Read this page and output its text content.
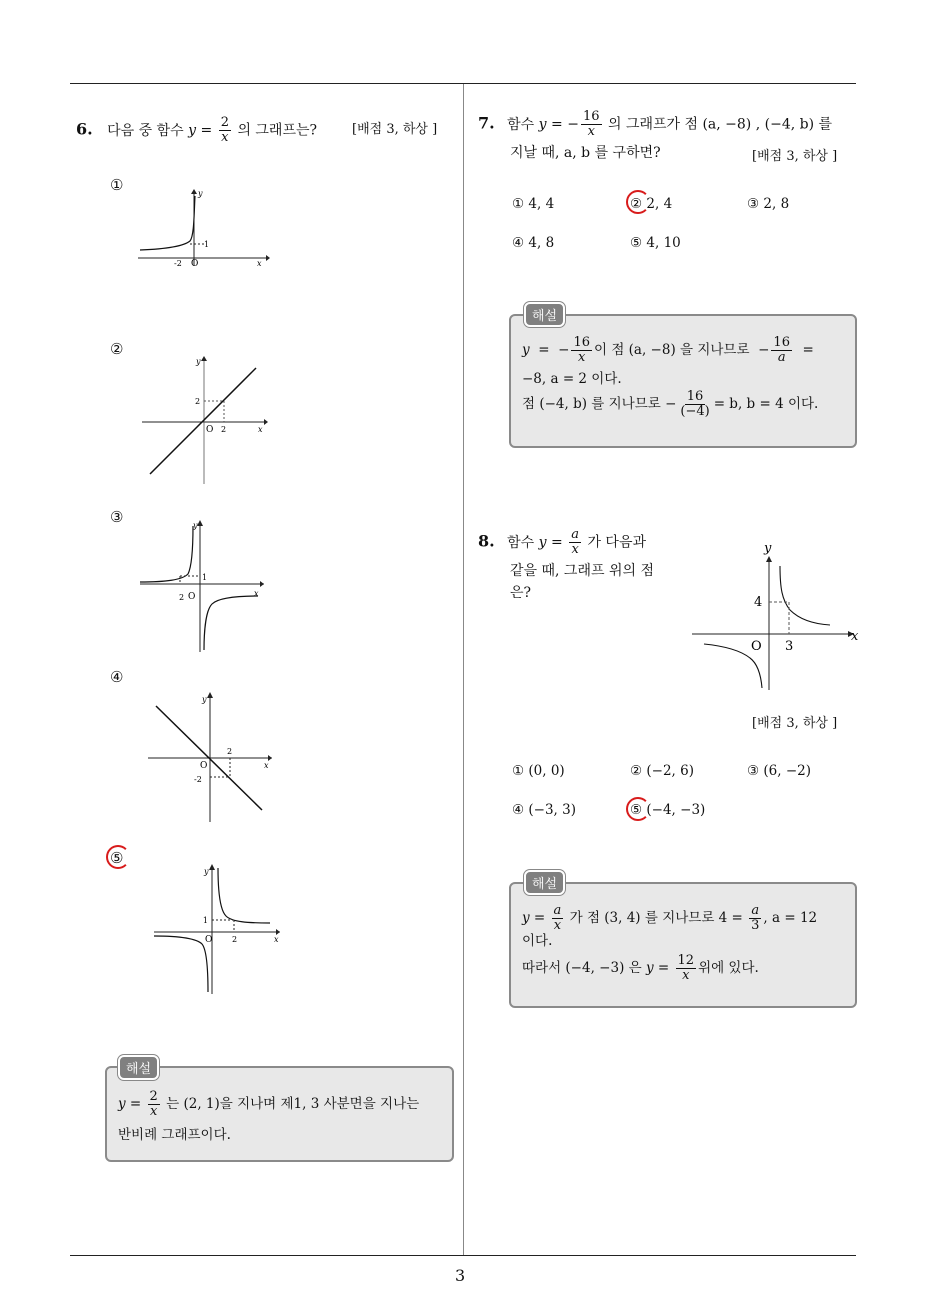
3
6. 다음 중 함수 $y = \frac{2}{x}$ 의 그래프는?	[배점 3, 하상 ]
①
②
③
④
⑤
1
-2 O	x
y
2
O 2	x
y
1
2 O	x
y
2
O
-2
x
y
1
O 2	x
y
해설
$y = \frac{2}{x}$ 는 (2, 1)을 지나며 제1, 3 사분면을 지나는
반비례 그래프이다.
7. 함수 y = − $\frac{16}{x}$ 의 그래프가 점 (a, −8) , (−4, b) 를
지날 때, a, b 를 구하면?	[배점 3, 하상 ]
① 4, 4	② 2, 4	③ 2, 8
④ 4, 8	⑤ 4, 10
해설
y  =  − $\frac{16}{x}$ 이 점 (a, −8) 을 지나므로  − $\frac{16}{a}$ =
−8, a = 2 이다.
점 (−4, b) 를 지나므로 − $\frac{16}{(-4)} = b$, b = 4 이다.
8. 함수 $y = \frac{a}{x}$ 가 다음과
같을 때, 그래프 위의 점
은?
y
x
4
O 3
[배점 3, 하상 ]
① (0, 0)	② (−2, 6)	③ (6, −2)
④ (−3, 3)	⑤ (−4, −3)
해설
$y = \frac{a}{x}$ 가 점 (3, 4) 를 지나므로 $4 = \frac{a}{3}$ , a = 12
이다.
따라서 (−4, −3) 은 $y = \frac{12}{x}$ 위에 있다.
